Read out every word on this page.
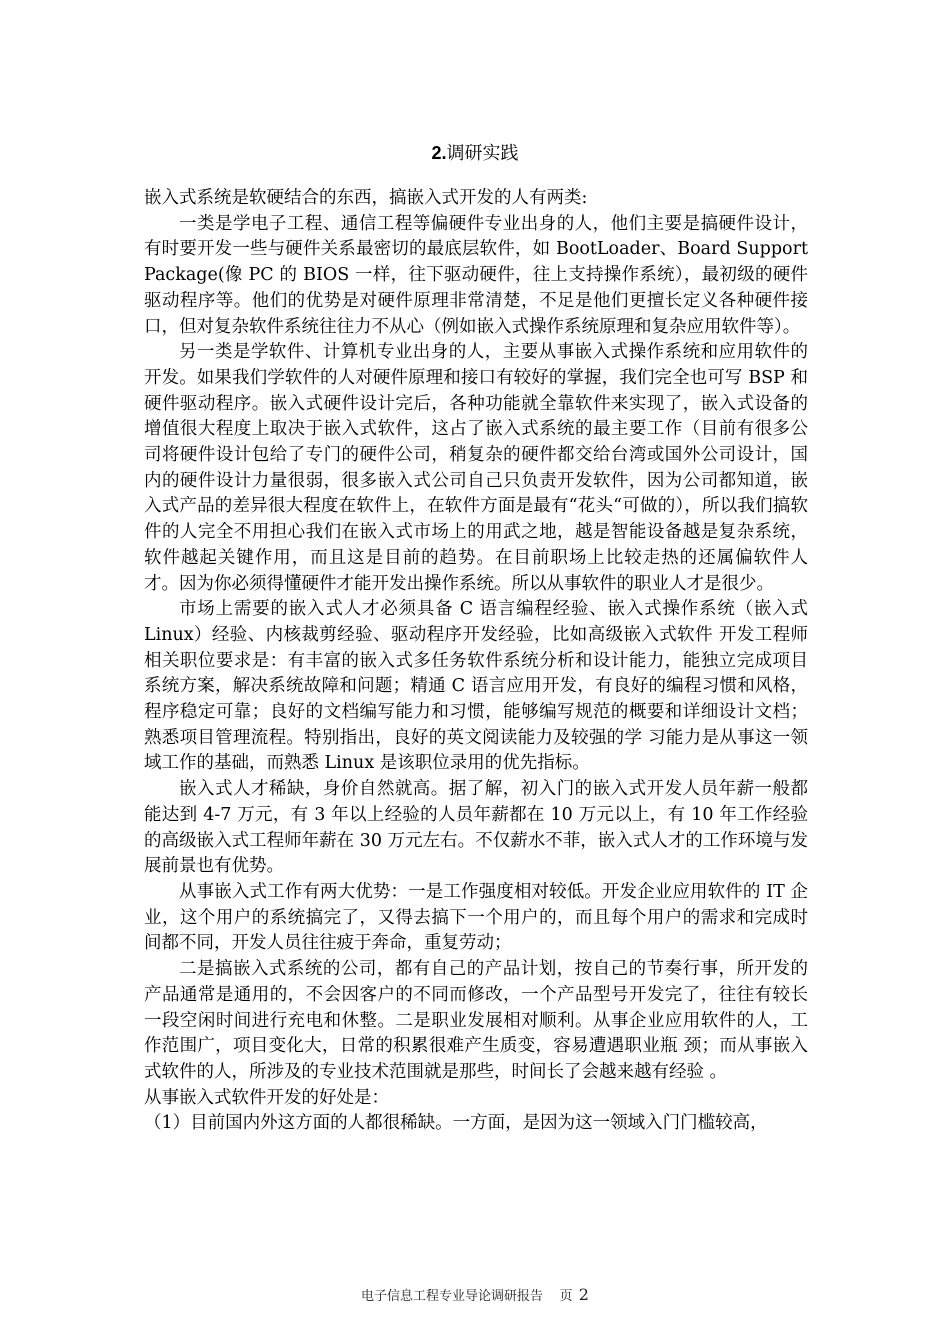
2.调研实践

嵌入式系统是软硬结合的东西，搞嵌入式开发的人有两类:

一类是学电子工程、通信工程等偏硬件专业出身的人，他们主要是搞硬件设计，有时要开发一些与硬件关系最密切的最底层软件，如 BootLoader、Board Support Package(像 PC 的 BIOS 一样，往下驱动硬件，往上支持操作系统），最初级的硬件驱动程序等。他们的优势是对硬件原理非常清楚，不足是他们更擅长定义各种硬件接口，但对复杂软件系统往往力不从心（例如嵌入式操作系统原理和复杂应用软件等）。

另一类是学软件、计算机专业出身的人，主要从事嵌入式操作系统和应用软件的开发。如果我们学软件的人对硬件原理和接口有较好的掌握，我们完全也可写 BSP 和硬件驱动程序。嵌入式硬件设计完后，各种功能就全靠软件来实现了，嵌入式设备的增值很大程度上取决于嵌入式软件，这占了嵌入式系统的最主要工作（目前有很多公司将硬件设计包给了专门的硬件公司，稍复杂的硬件都交给台湾或国外公司设计，国内的硬件设计力量很弱，很多嵌入式公司自己只负责开发软件，因为公司都知道，嵌入式产品的差异很大程度在软件上，在软件方面是最有“花头“可做的），所以我们搞软件的人完全不用担心我们在嵌入式市场上的用武之地，越是智能设备越是复杂系统，软件越起关键作用，而且这是目前的趋势。在目前职场上比较走热的还属偏软件人才。因为你必须得懂硬件才能开发出操作系统。所以从事软件的职业人才是很少。

市场上需要的嵌入式人才必须具备 C 语言编程经验、嵌入式操作系统（嵌入式 Linux）经验、内核裁剪经验、驱动程序开发经验，比如高级嵌入式软件 开发工程师相关职位要求是：有丰富的嵌入式多任务软件系统分析和设计能力，能独立完成项目系统方案，解决系统故障和问题；精通 C 语言应用开发，有良好的编程习惯和风格，程序稳定可靠；良好的文档编写能力和习惯，能够编写规范的概要和详细设计文档；熟悉项目管理流程。特别指出，良好的英文阅读能力及较强的学 习能力是从事这一领域工作的基础，而熟悉 Linux 是该职位录用的优先指标。

嵌入式人才稀缺，身价自然就高。据了解，初入门的嵌入式开发人员年薪一般都能达到 4-7 万元，有 3 年以上经验的人员年薪都在 10 万元以上，有 10 年工作经验的高级嵌入式工程师年薪在 30 万元左右。不仅薪水不菲，嵌入式人才的工作环境与发展前景也有优势。

从事嵌入式工作有两大优势：一是工作强度相对较低。开发企业应用软件的 IT 企业，这个用户的系统搞完了，又得去搞下一个用户的，而且每个用户的需求和完成时间都不同，开发人员往往疲于奔命，重复劳动；

二是搞嵌入式系统的公司，都有自己的产品计划，按自己的节奏行事，所开发的产品通常是通用的，不会因客户的不同而修改，一个产品型号开发完了，往往有较长一段空闲时间进行充电和休整。二是职业发展相对顺利。从事企业应用软件的人，工作范围广，项目变化大，日常的积累很难产生质变，容易遭遇职业瓶 颈；而从事嵌入式软件的人，所涉及的专业技术范围就是那些，时间长了会越来越有经验 。

从事嵌入式软件开发的好处是：

（1）目前国内外这方面的人都很稀缺。一方面，是因为这一领域入门门槛较高，

电子信息工程专业导论调研报告 页 2
